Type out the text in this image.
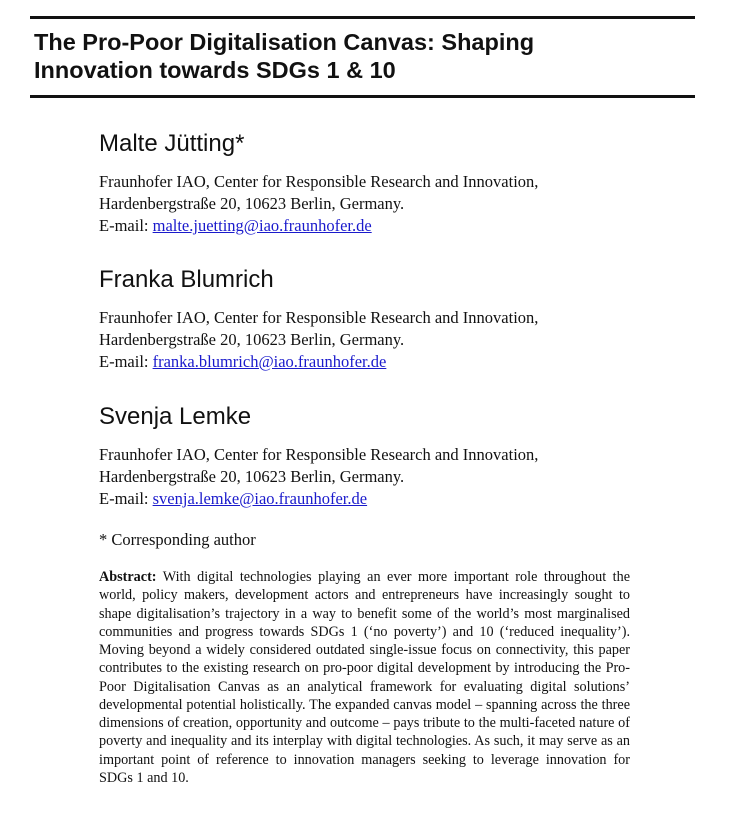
The Pro-Poor Digitalisation Canvas: Shaping
Innovation towards SDGs 1 & 10
Malte Jütting*
Fraunhofer IAO, Center for Responsible Research and Innovation,
Hardenbergstraße 20, 10623 Berlin, Germany.
E-mail: malte.juetting@iao.fraunhofer.de
Franka Blumrich
Fraunhofer IAO, Center for Responsible Research and Innovation,
Hardenbergstraße 20, 10623 Berlin, Germany.
E-mail: franka.blumrich@iao.fraunhofer.de
Svenja Lemke
Fraunhofer IAO, Center for Responsible Research and Innovation,
Hardenbergstraße 20, 10623 Berlin, Germany.
E-mail: svenja.lemke@iao.fraunhofer.de
* Corresponding author
Abstract: With digital technologies playing an ever more important role throughout the world, policy makers, development actors and entrepreneurs have increasingly sought to shape digitalisation’s trajectory in a way to benefit some of the world’s most marginalised communities and progress towards SDGs 1 (‘no poverty’) and 10 (‘reduced inequality’). Moving beyond a widely considered outdated single-issue focus on connectivity, this paper contributes to the existing research on pro-poor digital development by introducing the Pro-Poor Digitalisation Canvas as an analytical framework for evaluating digital solutions’ developmental potential holistically. The expanded canvas model – spanning across the three dimensions of creation, opportunity and outcome – pays tribute to the multi-faceted nature of poverty and inequality and its interplay with digital technologies. As such, it may serve as an important point of reference to innovation managers seeking to leverage innovation for SDGs 1 and 10.
